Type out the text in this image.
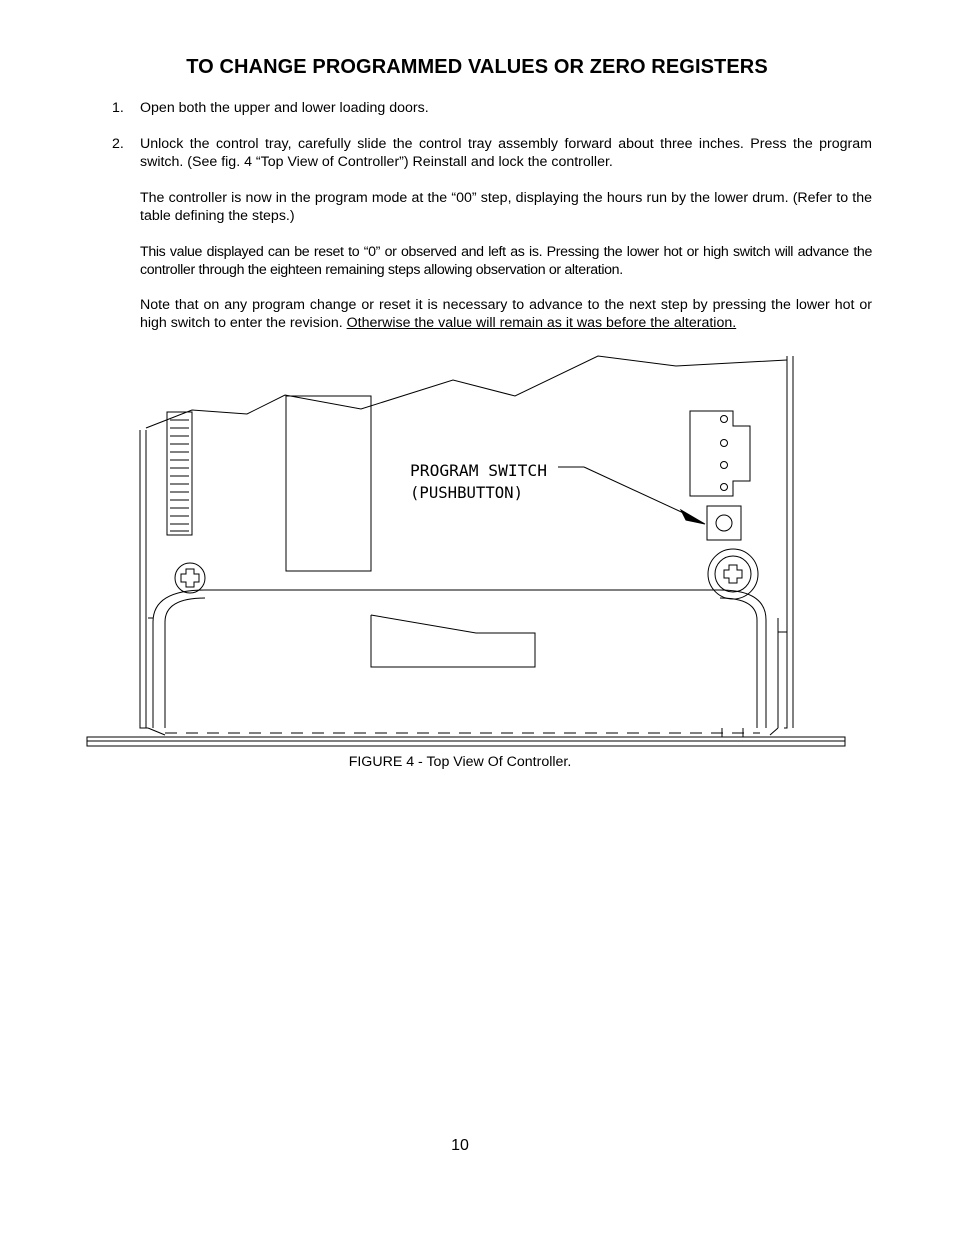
TO CHANGE PROGRAMMED VALUES OR ZERO REGISTERS
1.	Open both the upper and lower loading doors.
2.	Unlock the control tray, carefully slide the control tray assembly forward about three inches. Press the program switch. (See fig. 4 “Top View of Controller”) Reinstall and lock the controller.
The controller is now in the program mode at the “00” step, displaying the hours run by the lower drum. (Refer to the table defining the steps.)
This value displayed can be reset to “0” or observed and left as is. Pressing the lower hot or high switch will advance the controller through the eighteen remaining steps allowing observation or alteration.
Note that on any program change or reset it is necessary to advance to the next step by pressing the lower hot or high switch to enter the revision. Otherwise the value will remain as it was before the alteration.
PROGRAM SWITCH
(PUSHBUTTON)
FIGURE 4 - Top View Of Controller.
10
